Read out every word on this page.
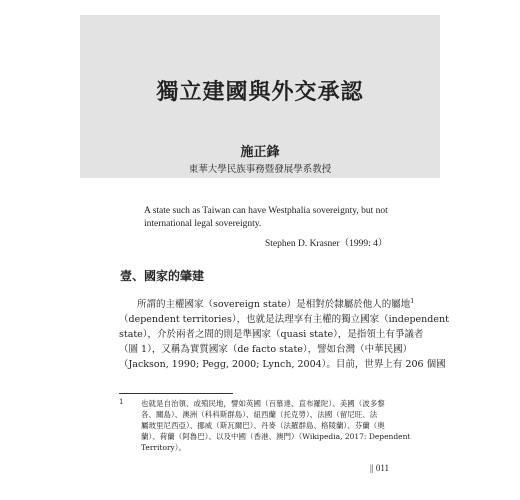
獨立建國與外交承認
施正鋒
東華大學民族事務暨發展學系教授
A state such as Taiwan can have Westphalia sovereignty, but not international legal sovereignty.
Stephen D. Krasner（1999: 4）
壹、國家的肇建
所謂的主權國家（sovereign state）是相對於隸屬於他人的屬地$^1$
（dependent territories），也就是法理享有主權的獨立國家（independent
state），介於兩者之間的則是準國家（quasi state），是指領土有爭議者
（圖 1），又稱為實質國家（de facto state），譬如台灣（中華民國）
（Jackson, 1990; Pegg, 2000; Lynch, 2004）。目前，世界上有 206 個國
1 也就是自治領、或殖民地，譬如英國（百慕達、直布羅陀）、美國（波多黎
各、關島）、澳洲（科科斯群島）、紐西蘭（托克勞）、法國（留尼旺、法
屬玻里尼西亞）、挪威（斯瓦爾巴）、丹麥（法羅群島、格陵蘭）、芬蘭（奧
蘭）、荷蘭（阿魯巴）、以及中國（香港、澳門）（Wikipedia, 2017: Dependent
Territory）。
|| 011
